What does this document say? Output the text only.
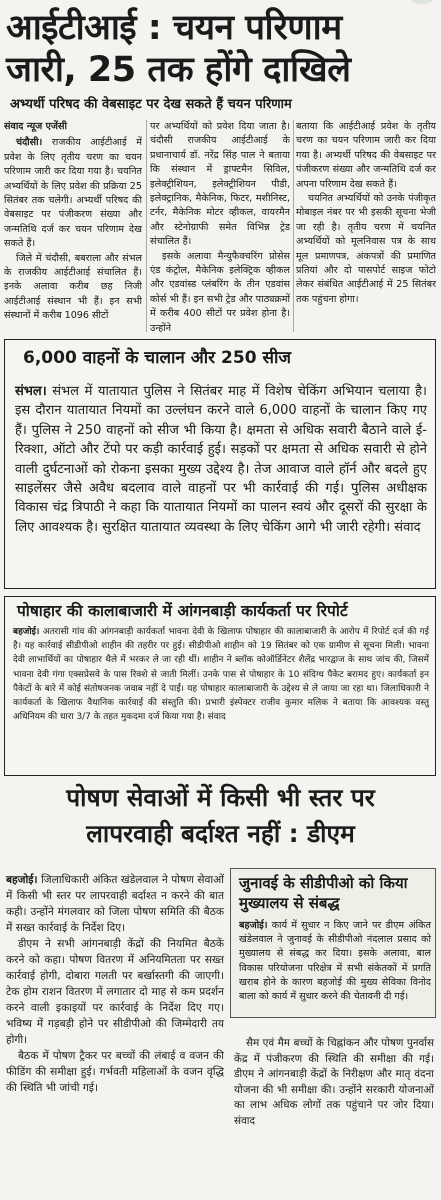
आईटीआई : चयन परिणाम
जारी, 25 तक होंगे दाखिले
अभ्यर्थी परिषद की वेबसाइट पर देख सकते हैं चयन परिणाम
संवाद न्यूज एजेंसी
चंदौसी। राजकीय आईटीआई में प्रवेश के लिए तृतीय चरण का चयन परिणाम जारी कर दिया गया है। चयनित अभ्यर्थियों के लिए प्रवेश की प्रक्रिया 25 सितंबर तक चलेगी। अभ्यर्थी परिषद की वेबसाइट पर पंजीकरण संख्या और जन्मतिथि दर्ज कर चयन परिणाम देख सकते हैं।
जिले में चंदौसी, बबराला और संभल के राजकीय आईटीआई संचालित हैं। इनके अलावा करीब छह निजी आईटीआई संस्थान भी हैं। इन सभी संस्थानों में करीब 1096 सीटों
पर अभ्यर्थियों को प्रवेश दिया जाता है। चंदौसी राजकीय आईटीआई के प्रधानाचार्य डॉ. नरेंद्र सिंह पाल ने बताया कि संस्थान में ड्राफ्टमैन सिविल, इलेक्ट्रीशियन, इलेक्ट्रीशियन पीडी, इलेक्ट्रानिक, मैकेनिक, फिटर, मशीनिस्ट, टर्नर, मैकेनिक मोटर व्हीकल, वायरमैन और स्टेनोग्राफी समेत विभिन्न ट्रेड संचालित हैं।
इसके अलावा मैन्युफैक्चरिंग प्रोसेस एंड कंट्रोल, मैकेनिक इलेक्ट्रिक व्हीकल और एडवांस्ड प्लंबरिंग के तीन एडवांस कोर्स भी हैं। इन सभी ट्रेड और पाठ्यक्रमों में करीब 400 सीटों पर प्रवेश होना है। उन्होंने
बताया कि आईटीआई प्रवेश के तृतीय चरण का चयन परिणाम जारी कर दिया गया है। अभ्यर्थी परिषद की वेबसाइट पर पंजीकरण संख्या और जन्मतिथि दर्ज कर अपना परिणाम देख सकते हैं।
चयनित अभ्यर्थियों को उनके पंजीकृत मोबाइल नंबर पर भी इसकी सूचना भेजी जा रही है। तृतीय चरण में चयनित अभ्यर्थियों को मूलनिवास पत्र के साथ मूल प्रमाणपत्र, अंकपत्रों की प्रमाणित प्रतियां और दो पासपोर्ट साइज फोटो लेकर संबंधित आईटीआई में 25 सितंबर तक पहुंचना होगा।
6,000 वाहनों के चालान और 250 सीज
संभल। संभल में यातायात पुलिस ने सितंबर माह में विशेष चेकिंग अभियान चलाया है। इस दौरान यातायात नियमों का उल्लंघन करने वाले 6,000 वाहनों के चालान किए गए हैं। पुलिस ने 250 वाहनों को सीज भी किया है। क्षमता से अधिक सवारी बैठाने वाले ई-रिक्शा, ऑटो और टेंपो पर कड़ी कार्रवाई हुई। सड़कों पर क्षमता से अधिक सवारी से होने वाली दुर्घटनाओं को रोकना इसका मुख्य उद्देश्य है। तेज आवाज वाले हॉर्न और बदले हुए साइलेंसर जैसे अवैध बदलाव वाले वाहनों पर भी कार्रवाई की गई। पुलिस अधीक्षक विकास चंद्र त्रिपाठी ने कहा कि यातायात नियमों का पालन स्वयं और दूसरों की सुरक्षा के लिए आवश्यक है। सुरक्षित यातायात व्यवस्था के लिए चेकिंग आगे भी जारी रहेगी। संवाद
पोषाहार की कालाबाजारी में आंगनबाड़ी कार्यकर्ता पर रिपोर्ट
बहजोई। अतरासी गांव की आंगनबाड़ी कार्यकर्ता भावना देवी के खिलाफ पोषाहार की कालाबाजारी के आरोप में रिपोर्ट दर्ज की गई है। यह कार्रवाई सीडीपीओ शाहीन की तहरीर पर हुई। सीडीपीओ शाहीन को 19 सितंबर को एक ग्रामीण से सूचना मिली। भावना देवी लाभार्थियों का पोषाहार थैले में भरकर ले जा रही थीं। शाहीन ने ब्लॉक कोऑर्डिनेटर शैलेंद्र भारद्वाज के साथ जांच की, जिसमें भावना देवी गंगा एक्सप्रेसवे के पास रिक्शे से जाती मिलीं। उनके पास से पोषाहार के 10 संदिग्ध पैकेट बरामद हुए। कार्यकर्ता इन पैकेटों के बारे में कोई संतोषजनक जवाब नहीं दे पाईं। यह पोषाहार कालाबाजारी के उद्देश्य से ले जाया जा रहा था। जिलाधिकारी ने कार्यकर्ता के खिलाफ वैधानिक कार्रवाई की संस्तुति की। प्रभारी इंस्पेक्टर राजीव कुमार मलिक ने बताया कि आवश्यक वस्तु अधिनियम की धारा 3/7 के तहत मुकदमा दर्ज किया गया है। संवाद
पोषण सेवाओं में किसी भी स्तर पर
लापरवाही बर्दाश्त नहीं : डीएम
बहजोई। जिलाधिकारी अंकित खंडेलवाल ने पोषण सेवाओं में किसी भी स्तर पर लापरवाही बर्दाश्त न करने की बात कही। उन्होंने मंगलवार को जिला पोषण समिति की बैठक में सख्त कार्रवाई के निर्देश दिए।
डीएम ने सभी आंगनबाड़ी केंद्रों की नियमित बैठकें करने को कहा। पोषण वितरण में अनियमितता पर सख्त कार्रवाई होगी, दोबारा गलती पर बर्खास्तगी की जाएगी। टेक होम राशन वितरण में लगातार दो माह से कम प्रदर्शन करने वाली इकाइयों पर कार्रवाई के निर्देश दिए गए। भविष्य में गड़बड़ी होने पर सीडीपीओ की जिम्मेदारी तय होगी।
बैठक में पोषण ट्रैकर पर बच्चों की लंबाई व वजन की फीडिंग की समीक्षा हुई। गर्भवती महिलाओं के वजन वृद्धि की स्थिति भी जांची गई।
जुनावई के सीडीपीओ को किया मुख्यालय से संबद्ध
बहजोई। कार्य में सुधार न किए जाने पर डीएम अंकित खंडेलवाल ने जुनावई के सीडीपीओ नंदलाल प्रसाद को मुख्यालय से संबद्ध कर दिया। इसके अलावा, बाल विकास परियोजना परिक्षेत्र में सभी संकेतकों में प्रगति खराब होने के कारण बहजोई की मुख्य सेविका विनोद बाला को कार्य में सुधार करने की चेतावनी दी गई।
सैम एवं मैम बच्चों के चिह्नांकन और पोषण पुनर्वास केंद्र में पंजीकरण की स्थिति की समीक्षा की गई। डीएम ने आंगनबाड़ी केंद्रों के निरीक्षण और मातृ वंदना योजना की भी समीक्षा की। उन्होंने सरकारी योजनाओं का लाभ अधिक लोगों तक पहुंचाने पर जोर दिया। संवाद
